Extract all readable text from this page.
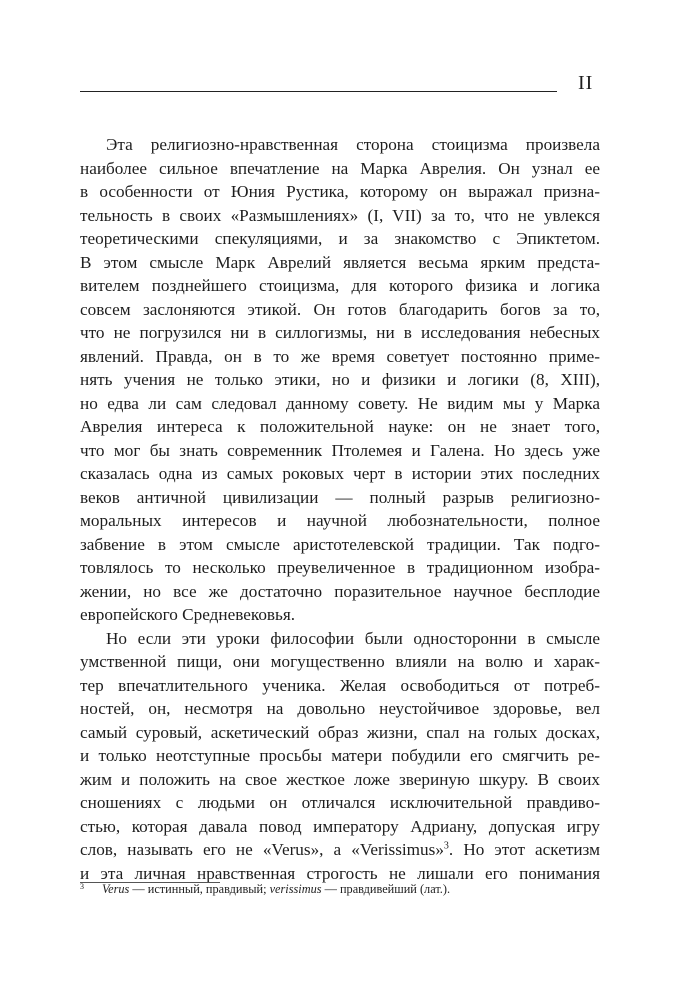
II
Эта религиозно-нравственная сторона стоицизма произвела
наиболее сильное впечатление на Марка Аврелия. Он узнал ее
в особенности от Юния Рустика, которому он выражал призна-
тельность в своих «Размышлениях» (I, VII) за то, что не увлекся
теоретическими спекуляциями, и за знакомство с Эпиктетом.
В этом смысле Марк Аврелий является весьма ярким предста-
вителем позднейшего стоицизма, для которого физика и логика
совсем заслоняются этикой. Он готов благодарить богов за то,
что не погрузился ни в силлогизмы, ни в исследования небесных
явлений. Правда, он в то же время советует постоянно приме-
нять учения не только этики, но и физики и логики (8, XIII),
но едва ли сам следовал данному совету. Не видим мы у Марка
Аврелия интереса к положительной науке: он не знает того,
что мог бы знать современник Птолемея и Галена. Но здесь уже
сказалась одна из самых роковых черт в истории этих последних
веков античной цивилизации — полный разрыв религиозно-
моральных интересов и научной любознательности, полное
забвение в этом смысле аристотелевской традиции. Так подго-
товлялось то несколько преувеличенное в традиционном изобра-
жении, но все же достаточно поразительное научное бесплодие
европейского Средневековья.
Но если эти уроки философии были односторонни в смысле
умственной пищи, они могущественно влияли на волю и харак-
тер впечатлительного ученика. Желая освободиться от потреб-
ностей, он, несмотря на довольно неустойчивое здоровье, вел
самый суровый, аскетический образ жизни, спал на голых досках,
и только неотступные просьбы матери побудили его смягчить ре-
жим и положить на свое жесткое ложе звериную шкуру. В своих
сношениях с людьми он отличался исключительной правдиво-
стью, которая давала повод императору Адриану, допуская игру
слов, называть его не «Verus», а «Verissimus»$^3$. Но этот аскетизм
и эта личная нравственная строгость не лишали его понимания
3 Verus — истинный, правдивый; verissimus — правдивейший (лат.).
